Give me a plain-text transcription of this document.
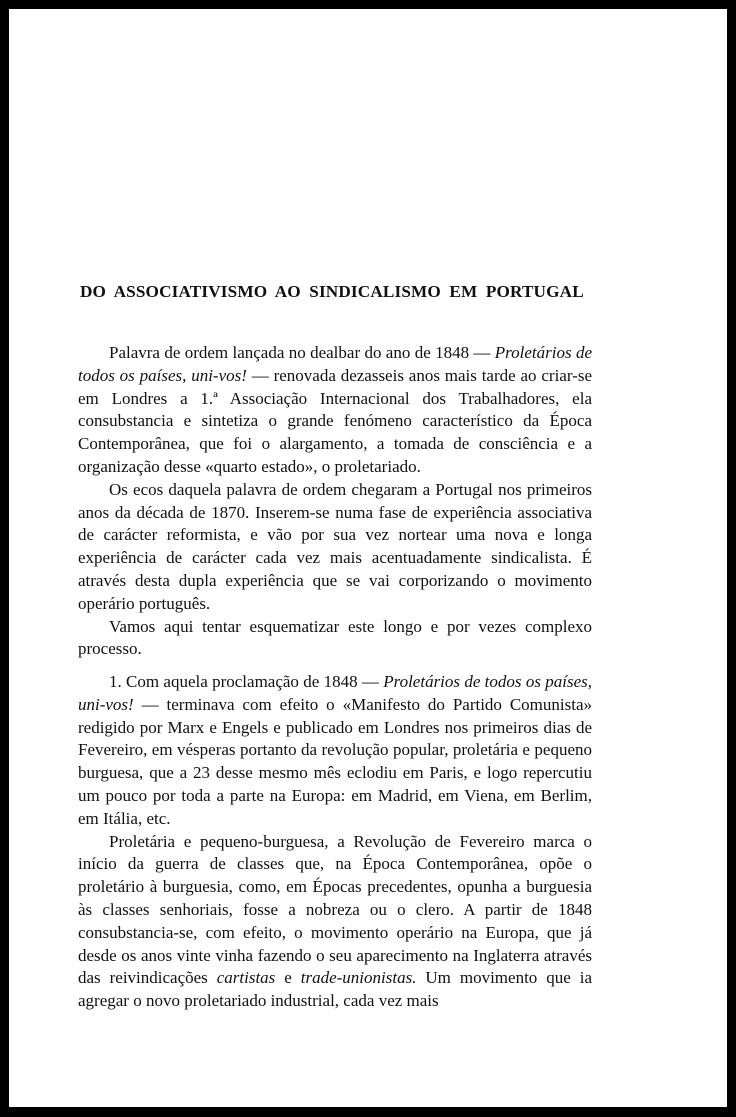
DO ASSOCIATIVISMO AO SINDICALISMO EM PORTUGAL

Palavra de ordem lançada no dealbar do ano de 1848 — Proletários de todos os países, uni-vos! — renovada dezasseis anos mais tarde ao criar-se em Londres a 1.ª Associação Internacional dos Trabalhadores, ela consubstancia e sintetiza o grande fenómeno característico da Época Contemporânea, que foi o alargamento, a tomada de consciência e a organização desse «quarto estado», o proletariado.

Os ecos daquela palavra de ordem chegaram a Portugal nos primeiros anos da década de 1870. Inserem-se numa fase de experiência associativa de carácter reformista, e vão por sua vez nortear uma nova e longa experiência de carácter cada vez mais acentuadamente sindicalista. É através desta dupla experiência que se vai corporizando o movimento operário português.

Vamos aqui tentar esquematizar este longo e por vezes complexo processo.

1. Com aquela proclamação de 1848 — Proletários de todos os países, uni-vos! — terminava com efeito o «Manifesto do Partido Comunista» redigido por Marx e Engels e publicado em Londres nos primeiros dias de Fevereiro, em vésperas portanto da revolução popular, proletária e pequeno burguesa, que a 23 desse mesmo mês eclodiu em Paris, e logo repercutiu um pouco por toda a parte na Europa: em Madrid, em Viena, em Berlim, em Itália, etc.

Proletária e pequeno-burguesa, a Revolução de Fevereiro marca o início da guerra de classes que, na Época Contemporânea, opõe o proletário à burguesia, como, em Épocas precedentes, opunha a burguesia às classes senhoriais, fosse a nobreza ou o clero. A partir de 1848 consubstancia-se, com efeito, o movimento operário na Europa, que já desde os anos vinte vinha fazendo o seu aparecimento na Inglaterra através das reivindicações cartistas e trade-unionistas. Um movimento que ia agregar o novo proletariado industrial, cada vez mais
